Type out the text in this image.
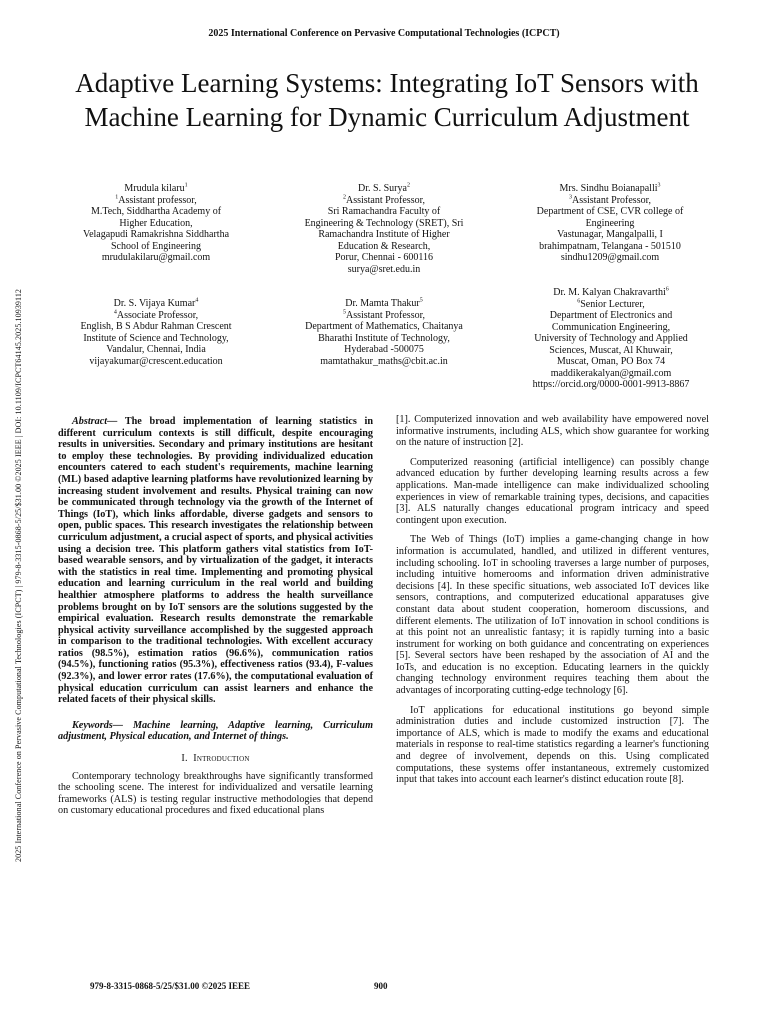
2025 International Conference on Pervasive Computational Technologies (ICPCT)
2025 International Conference on Pervasive Computational Technologies (ICPCT) | 979-8-3315-0868-5/25/$31.00 ©2025 IEEE | DOI: 10.1109/ICPCT64145.2025.10939112
Adaptive Learning Systems: Integrating IoT Sensors with Machine Learning for Dynamic Curriculum Adjustment
Mrudula kilaru$^1$
$^1$Assistant professor,
M.Tech, Siddhartha Academy of
Higher Education,
Velagapudi Ramakrishna Siddhartha
School of Engineering
mrudulakilaru@gmail.com
Dr. S. Surya$^2$
$^2$Assistant Professor,
Sri Ramachandra Faculty of
Engineering & Technology (SRET), Sri
Ramachandra Institute of Higher
Education & Research,
Porur, Chennai - 600116
surya@sret.edu.in
Mrs. Sindhu Boianapalli$^3$
$^3$Assistant Professor,
Department of CSE, CVR college of
Engineering
Vastunagar, Mangalpalli, I
brahimpatnam, Telangana - 501510
sindhu1209@gmail.com
Dr. S. Vijaya Kumar$^4$
$^4$Associate Professor,
English, B S Abdur Rahman Crescent
Institute of Science and Technology,
Vandalur, Chennai, India
vijayakumar@crescent.education
Dr. Mamta Thakur$^5$
$^5$Assistant Professor,
Department of Mathematics, Chaitanya
Bharathi Institute of Technology,
Hyderabad -500075
mamtathakur_maths@cbit.ac.in
Dr. M. Kalyan Chakravarthi$^6$
$^6$Senior Lecturer,
Department of Electronics and
Communication Engineering,
University of Technology and Applied
Sciences, Muscat, Al Khuwair,
Muscat, Oman, PO Box 74
maddikerakalyan@gmail.com
https://orcid.org/0000-0001-9913-8867

Abstract— The broad implementation of learning statistics in different curriculum contexts is still difficult, despite encouraging results in universities. Secondary and primary institutions are hesitant to employ these technologies. By providing individualized education encounters catered to each student's requirements, machine learning (ML) based adaptive learning platforms have revolutionized learning by increasing student involvement and results. Physical training can now be communicated through technology via the growth of the Internet of Things (IoT), which links affordable, diverse gadgets and sensors to open, public spaces. This research investigates the relationship between curriculum adjustment, a crucial aspect of sports, and physical activities using a decision tree. This platform gathers vital statistics from IoT-based wearable sensors, and by virtualization of the gadget, it interacts with the statistics in real time. Implementing and promoting physical education and learning curriculum in the real world and building healthier atmosphere platforms to address the health surveillance problems brought on by IoT sensors are the solutions suggested by the empirical evaluation. Research results demonstrate the remarkable physical activity surveillance accomplished by the suggested approach in comparison to the traditional technologies. With excellent accuracy ratios (98.5%), estimation ratios (96.6%), communication ratios (94.5%), functioning ratios (95.3%), effectiveness ratios (93.4), F-values (92.3%), and lower error rates (17.6%), the computational evaluation of physical education curriculum can assist learners and enhance the related facets of their physical skills.

Keywords— Machine learning, Adaptive learning, Curriculum adjustment, Physical education, and Internet of things.

I. Introduction

Contemporary technology breakthroughs have significantly transformed the schooling scene. The interest for individualized and versatile learning frameworks (ALS) is testing regular instructive methodologies that depend on customary educational procedures and fixed educational plans

[1]. Computerized innovation and web availability have empowered novel informative instruments, including ALS, which show guarantee for working on the nature of instruction [2].

Computerized reasoning (artificial intelligence) can possibly change advanced education by further developing learning results across a few applications. Man-made intelligence can make individualized schooling experiences in view of remarkable training types, decisions, and capacities [3]. ALS naturally changes educational program intricacy and speed contingent upon execution.

The Web of Things (IoT) implies a game-changing change in how information is accumulated, handled, and utilized in different ventures, including schooling. IoT in schooling traverses a large number of purposes, including intuitive homerooms and information driven administrative decisions [4]. In these specific situations, web associated IoT devices like sensors, contraptions, and computerized educational apparatuses give constant data about student cooperation, homeroom discussions, and different elements. The utilization of IoT innovation in school conditions is at this point not an unrealistic fantasy; it is rapidly turning into a basic instrument for working on both guidance and concentrating on experiences [5]. Several sectors have been reshaped by the association of AI and the IoTs, and education is no exception. Educating learners in the quickly changing technology environment requires teaching them about the advantages of incorporating cutting-edge technology [6].

IoT applications for educational institutions go beyond simple administration duties and include customized instruction [7]. The importance of ALS, which is made to modify the exams and educational materials in response to real-time statistics regarding a learner's functioning and degree of involvement, depends on this. Using complicated computations, these systems offer instantaneous, extremely customized input that takes into account each learner's distinct education route [8].

979-8-3315-0868-5/25/$31.00 ©2025 IEEE	900
